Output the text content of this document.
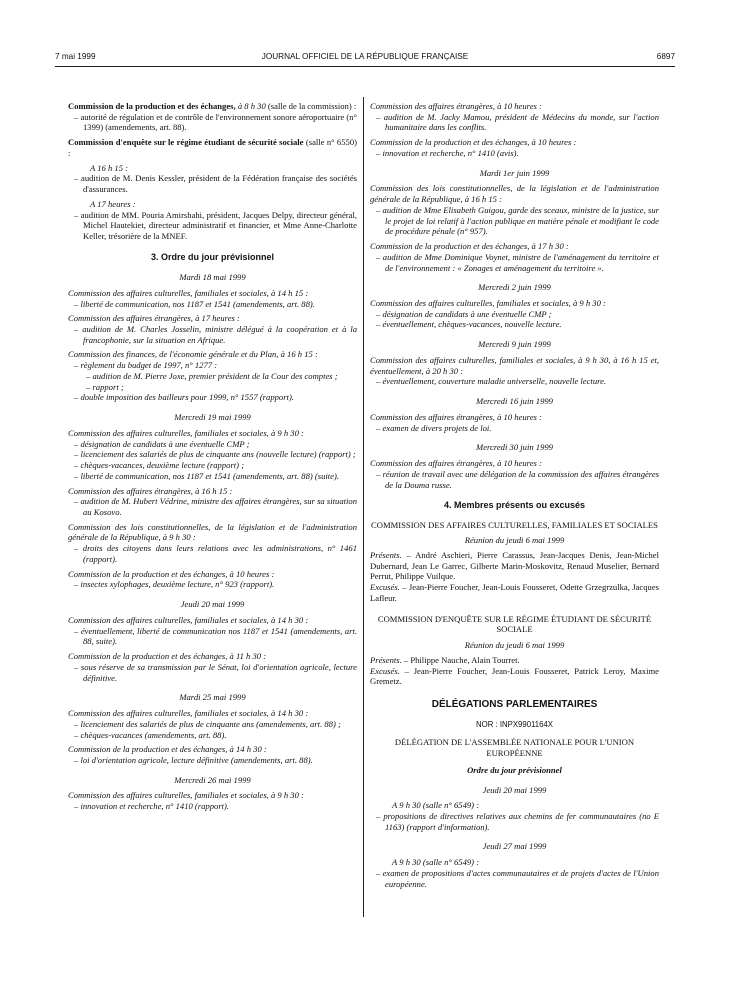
7 mai 1999	JOURNAL OFFICIEL DE LA RÉPUBLIQUE FRANÇAISE	6897

Commission de la production et des échanges, à 8 h 30 (salle de la commission) :

– autorité de régulation et de contrôle de l'environnement sonore aéroportuaire (n° 1399) (amendements, art. 88).

Commission d'enquête sur le régime étudiant de sécurité sociale (salle n° 6550) :

A 16 h 15 :

– audition de M. Denis Kessler, président de la Fédération française des sociétés d'assurances.

A 17 heures :

– audition de MM. Pouria Amirshahi, président, Jacques Delpy, directeur général, Michel Hautekiet, directeur administratif et financier, et Mme Anne-Charlotte Keller, trésorière de la MNEF.

3. Ordre du jour prévisionnel

Mardi 18 mai 1999

Commission des affaires culturelles, familiales et sociales, à 14 h 15 :

– liberté de communication, nos 1187 et 1541 (amendements, art. 88).

Commission des affaires étrangères, à 17 heures :

– audition de M. Charles Josselin, ministre délégué à la coopération et à la francophonie, sur la situation en Afrique.

Commission des finances, de l'économie générale et du Plan, à 16 h 15 :

– règlement du budget de 1997, n° 1277 :

– audition de M. Pierre Joxe, premier président de la Cour des comptes ;

– rapport ;

– double imposition des bailleurs pour 1999, n° 1557 (rapport).

Mercredi 19 mai 1999

Commission des affaires culturelles, familiales et sociales, à 9 h 30 :

– désignation de candidats à une éventuelle CMP ;

– licenciement des salariés de plus de cinquante ans (nouvelle lecture) (rapport) ;

– chèques-vacances, deuxième lecture (rapport) ;

– liberté de communication, nos 1187 et 1541 (amendements, art. 88) (suite).

Commission des affaires étrangères, à 16 h 15 :

– audition de M. Hubert Védrine, ministre des affaires étrangères, sur sa situation au Kosovo.

Commission des lois constitutionnelles, de la législation et de l'administration générale de la République, à 9 h 30 :

– droits des citoyens dans leurs relations avec les administrations, n° 1461 (rapport).

Commission de la production et des échanges, à 10 heures :

– insectes xylophages, deuxième lecture, n° 923 (rapport).

Jeudi 20 mai 1999

Commission des affaires culturelles, familiales et sociales, à 14 h 30 :

– éventuellement, liberté de communication nos 1187 et 1541 (amendements, art. 88, suite).

Commission de la production et des échanges, à 11 h 30 :

– sous réserve de sa transmission par le Sénat, loi d'orientation agricole, lecture définitive.

Mardi 25 mai 1999

Commission des affaires culturelles, familiales et sociales, à 14 h 30 :

– licenciement des salariés de plus de cinquante ans (amendements, art. 88) ;

– chèques-vacances (amendements, art. 88).

Commission de la production et des échanges, à 14 h 30 :

– loi d'orientation agricole, lecture définitive (amendements, art. 88).

Mercredi 26 mai 1999

Commission des affaires culturelles, familiales et sociales, à 9 h 30 :

– innovation et recherche, n° 1410 (rapport).

Commission des affaires étrangères, à 10 heures :

– audition de M. Jacky Mamou, président de Médecins du monde, sur l'action humanitaire dans les conflits.

Commission de la production et des échanges, à 10 heures :

– innovation et recherche, n° 1410 (avis).

Mardi 1er juin 1999

Commission des lois constitutionnelles, de la législation et de l'administration générale de la République, à 16 h 15 :

– audition de Mme Elisabeth Guigou, garde des sceaux, ministre de la justice, sur le projet de loi relatif à l'action publique en matière pénale et modifiant le code de procédure pénale (n° 957).

Commission de la production et des échanges, à 17 h 30 :

– audition de Mme Dominique Voynet, ministre de l'aménagement du territoire et de l'environnement : « Zonages et aménagement du territoire ».

Mercredi 2 juin 1999

Commission des affaires culturelles, familiales et sociales, à 9 h 30 :

– désignation de candidats à une éventuelle CMP ;

– éventuellement, chèques-vacances, nouvelle lecture.

Mercredi 9 juin 1999

Commission des affaires culturelles, familiales et sociales, à 9 h 30, à 16 h 15 et, éventuellement, à 20 h 30 :

– éventuellement, couverture maladie universelle, nouvelle lecture.

Mercredi 16 juin 1999

Commission des affaires étrangères, à 10 heures :

– examen de divers projets de loi.

Mercredi 30 juin 1999

Commission des affaires étrangères, à 10 heures :

– réunion de travail avec une délégation de la commission des affaires étrangères de la Douma russe.

4. Membres présents ou excusés

COMMISSION DES AFFAIRES CULTURELLES, FAMILIALES ET SOCIALES

Réunion du jeudi 6 mai 1999

Présents. – André Aschieri, Pierre Carassus, Jean-Jacques Denis, Jean-Michel Dubernard, Jean Le Garrec, Gilberte Marin-Moskovitz, Renaud Muselier, Bernard Perrut, Philippe Vuilque.

Excusés. – Jean-Pierre Foucher, Jean-Louis Fousseret, Odette Grzegrzulka, Jacques Lafleur.

COMMISSION D'ENQUÊTE SUR LE RÉGIME ÉTUDIANT DE SÉCURITÉ SOCIALE

Réunion du jeudi 6 mai 1999

Présents. – Philippe Nauche, Alain Tourret.

Excusés. – Jean-Pierre Foucher, Jean-Louis Fousseret, Patrick Leroy, Maxime Gremetz.

DÉLÉGATIONS PARLEMENTAIRES

NOR : INPX9901164X

DÉLÉGATION DE L'ASSEMBLÉE NATIONALE POUR L'UNION EUROPÉENNE

Ordre du jour prévisionnel

Jeudi 20 mai 1999

A 9 h 30 (salle n° 6549) :

– propositions de directives relatives aux chemins de fer communautaires (no E 1163) (rapport d'information).

Jeudi 27 mai 1999

A 9 h 30 (salle n° 6549) :

– examen de propositions d'actes communautaires et de projets d'actes de l'Union européenne.
